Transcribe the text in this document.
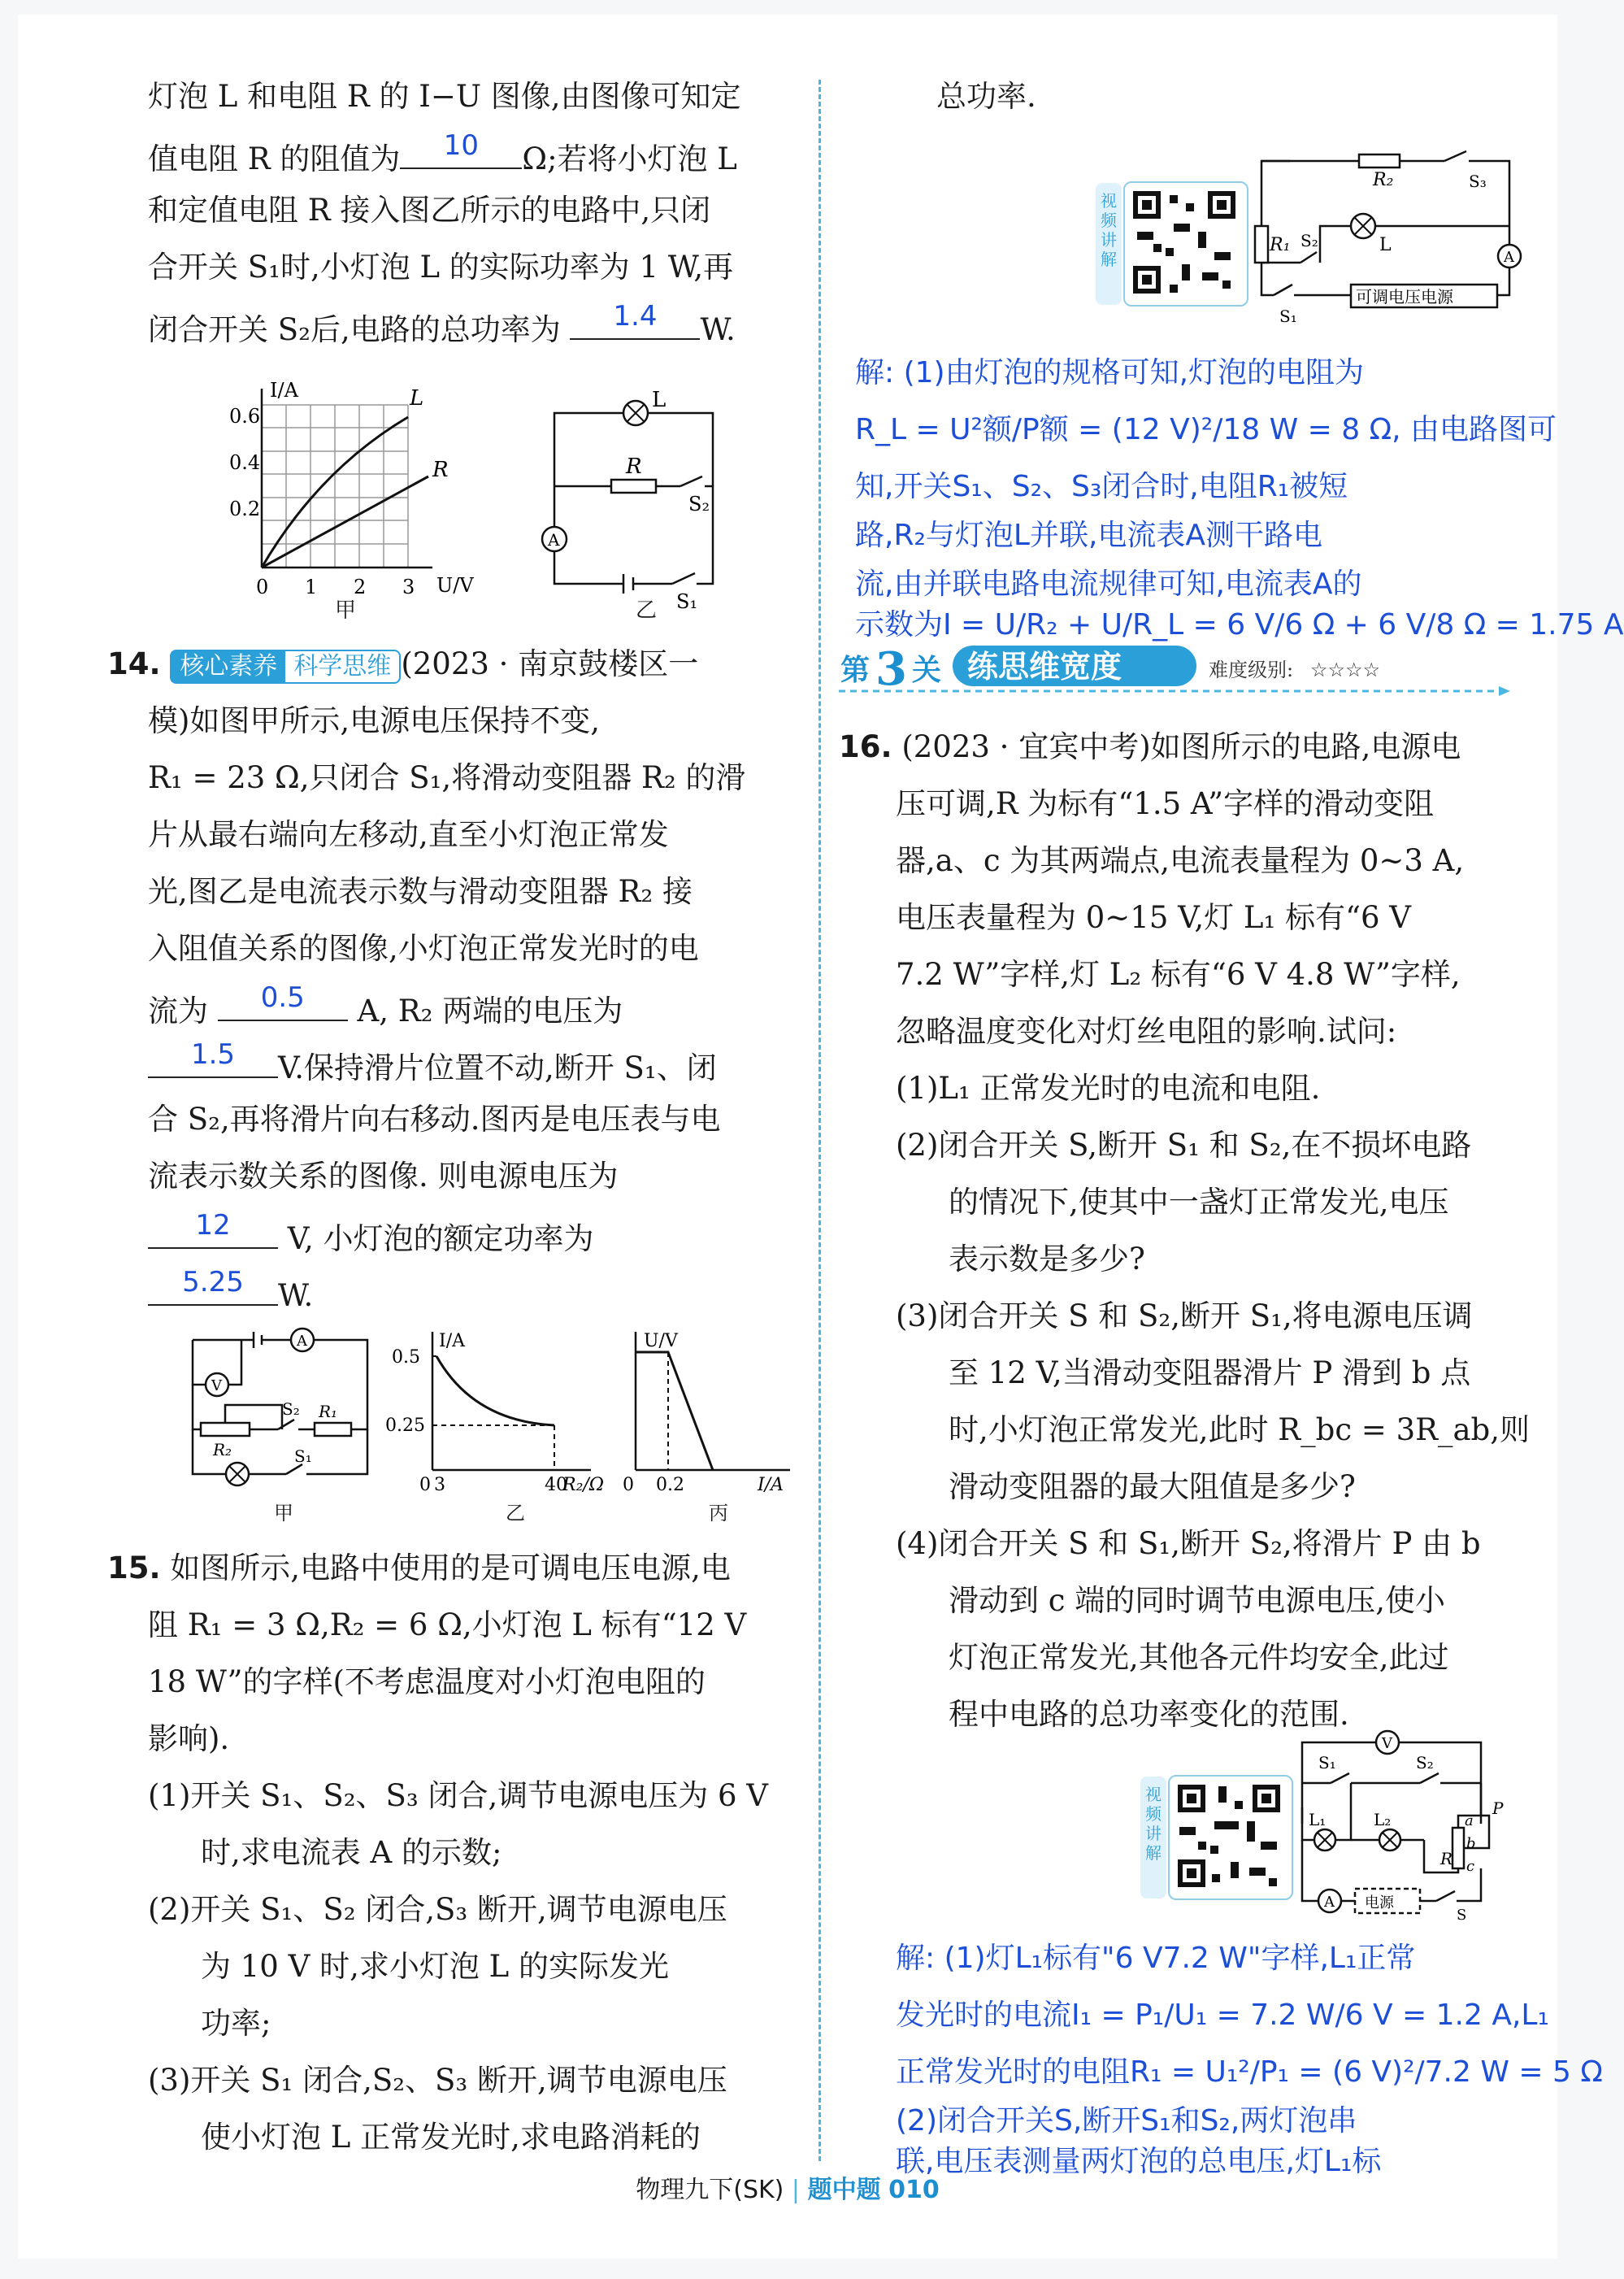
灯泡 L 和电阻 R 的 I−U 图像,由图像可知定
值电阻 R 的阻值为	10	Ω;若将小灯泡 L
和定值电阻 R 接入图乙所示的电路中,只闭
合开关 S₁时,小灯泡 L 的实际功率为 1 W,再
闭合开关 S₂后,电路的总功率为	1.4	W.
I/A
U/V
0.6
0.4
0.2
0 1 2 3
L
R
甲
A
L
R
S₂
S₁
乙
14. 核心素养 科学思维 (2023 · 南京鼓楼区一
模)如图甲所示,电源电压保持不变,
R₁ = 23 Ω,只闭合 S₁,将滑动变阻器 R₂ 的滑
片从最右端向左移动,直至小灯泡正常发
光,图乙是电流表示数与滑动变阻器 R₂ 接
入阻值关系的图像,小灯泡正常发光时的电
流为	0.5	A, R₂ 两端的电压为
1.5	V.保持滑片位置不动,断开 S₁、闭
合 S₂,再将滑片向右移动.图丙是电压表与电
流表示数关系的图像. 则电源电压为
12	V, 小灯泡的额定功率为
5.25	W.
V
A
R₂
R₁
S₂
S₁
甲
I/A
0.5
0.25
0 3	40
R₂/Ω
乙
U/V
0 0.2	I/A
丙
15. 如图所示,电路中使用的是可调电压电源,电
阻 R₁ = 3 Ω,R₂ = 6 Ω,小灯泡 L 标有“12 V
18 W”的字样(不考虑温度对小灯泡电阻的
影响).
(1)开关 S₁、S₂、S₃ 闭合,调节电源电压为 6 V
时,求电流表 A 的示数;
(2)开关 S₁、S₂ 闭合,S₃ 断开,调节电源电压
为 10 V 时,求小灯泡 L 的实际发光
功率;
(3)开关 S₁ 闭合,S₂、S₃ 断开,调节电源电压
使小灯泡 L 正常发光时,求电路消耗的
总功率.
视频讲解
可调电压电源
R₂
R₁
S₃
S₂
S₁
L
A
解: (1)由灯泡的规格可知,灯泡的电阻为
R_L = U²额/P额 = (12 V)²/18 W = 8 Ω, 由电路图可
知,开关S₁、S₂、S₃闭合时,电阻R₁被短
路,R₂与灯泡L并联,电流表A测干路电
流,由并联电路电流规律可知,电流表A的
示数为I = U/R₂ + U/R_L = 6 V/6 Ω + 6 V/8 Ω = 1.75 A
第 3 关 练思维宽度	难度级别: ☆☆☆☆
16. (2023 · 宜宾中考)如图所示的电路,电源电
压可调,R 为标有“1.5 A”字样的滑动变阻
器,a、c 为其两端点,电流表量程为 0~3 A,
电压表量程为 0~15 V,灯 L₁ 标有“6 V
7.2 W”字样,灯 L₂ 标有“6 V 4.8 W”字样,
忽略温度变化对灯丝电阻的影响.试问:
(1)L₁ 正常发光时的电流和电阻.
(2)闭合开关 S,断开 S₁ 和 S₂,在不损坏电路
的情况下,使其中一盏灯正常发光,电压
表示数是多少?
(3)闭合开关 S 和 S₂,断开 S₁,将电源电压调
至 12 V,当滑动变阻器滑片 P 滑到 b 点
时,小灯泡正常发光,此时 R_bc = 3R_ab,则
滑动变阻器的最大阻值是多少?
(4)闭合开关 S 和 S₁,断开 S₂,将滑片 P 由 b
滑动到 c 端的同时调节电源电压,使小
灯泡正常发光,其他各元件均安全,此过
程中电路的总功率变化的范围.
视频讲解
V
A
S₁	S₂
L₁	L₂
R
a
b
c
P
电源
S
解: (1)灯L₁标有"6 V7.2 W"字样,L₁正常
发光时的电流I₁ = P₁/U₁ = 7.2 W/6 V = 1.2 A,L₁
正常发光时的电阻R₁ = U₁²/P₁ = (6 V)²/7.2 W = 5 Ω
(2)闭合开关S,断开S₁和S₂,两灯泡串
联,电压表测量两灯泡的总电压,灯L₁标
物理九下(SK) | 题中题 010
